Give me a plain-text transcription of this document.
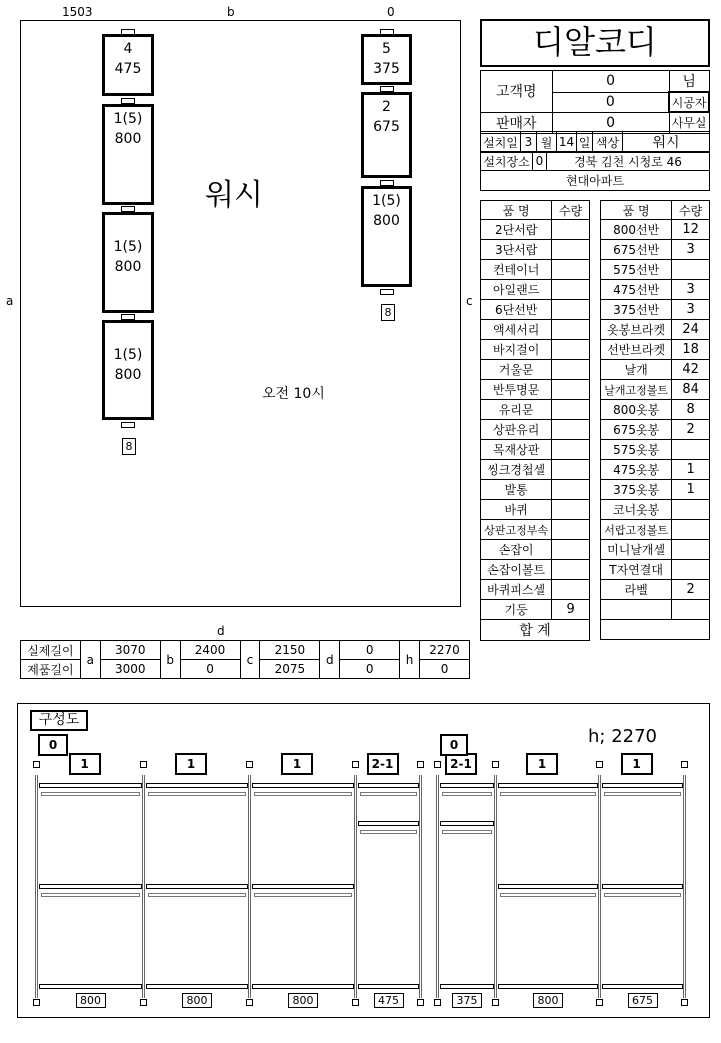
1503	b	0
a	c
d
워시
오전 10시
4
475
1(5)
800
1(5)
800
1(5)
800
8
5
375
2
675
1(5)
800
8
디알코디
고객명	0	님
	0	시공자
판매자	0	사무실
설치일	3	월	14	일	색상	워시
설치장소	0	경북 김천 시청로 46
현대아파트
품 명	수량
2단서랍	
3단서랍	
컨테이너	
아일랜드	
6단선반	
액세서리	
바지걸이	
거울문	
반투명문	
유리문	
상판유리	
목재상판	
씽크경첩셀	
발통	
바퀴	
상판고정부속	
손잡이	
손잡이볼트	
바퀴피스셀	
기둥	9
합 계	
품 명	수량
800선반	12
675선반	3
575선반	
475선반	3
375선반	3
옷봉브라켓	24
선반브라켓	18
날개	42
날개고정볼트	84
800옷봉	8
675옷봉	2
575옷봉	
475옷봉	1
375옷봉	1
코너옷봉	
서랍고정볼트	
미니날개셀	
T자연결대	
라벨	2

실제길이	a	3070	b	2400	c	2150	d	0	h	2270
제품길이		3000		0		2075		0		0
구성도
h; 2270
800
1
800
1
800
1
475
2-1
375
2-1
800
1
675
1
0	0
